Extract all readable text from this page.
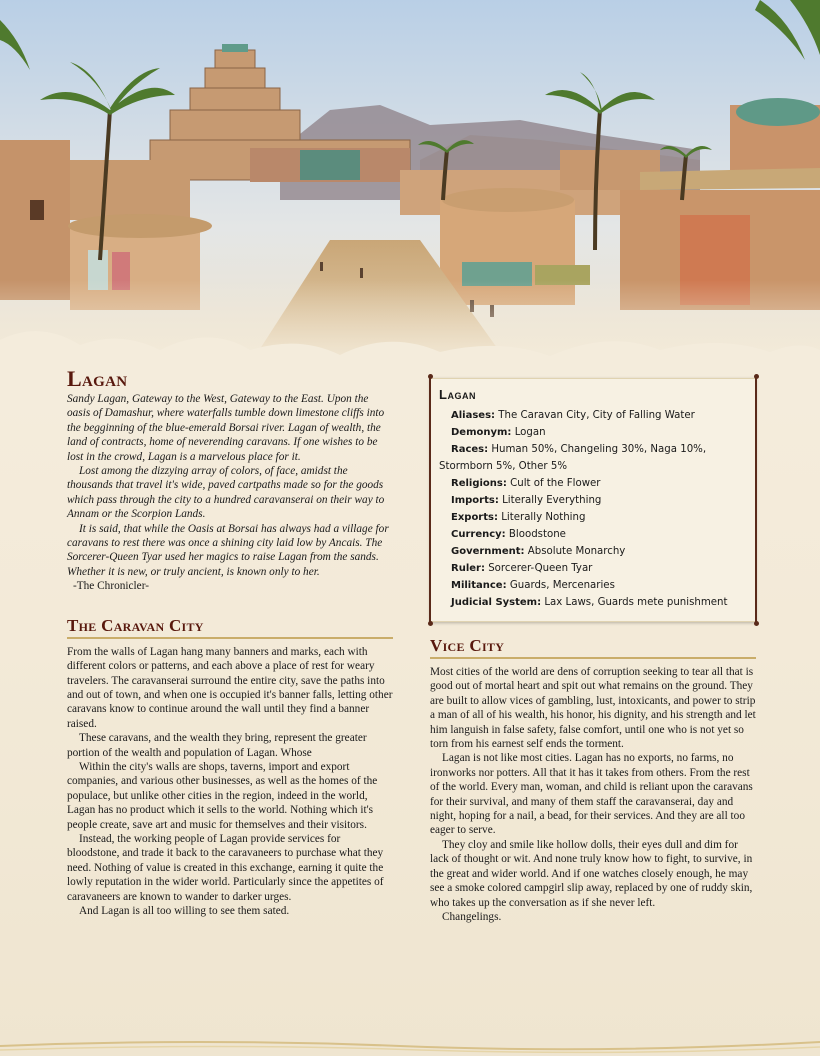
Lagan

Sandy Lagan, Gateway to the West, Gateway to the East. Upon the oasis of Damashur, where waterfalls tumble down limestone cliffs into the begginning of the blue-emerald Borsai river. Lagan of wealth, the land of contracts, home of neverending caravans. If one wishes to be lost in the crowd, Lagan is a marvelous place for it.

Lost among the dizzying array of colors, of face, amidst the thousands that travel it's wide, paved cartpaths made so for the goods which pass through the city to a hundred caravanserai on their way to Annam or the Scorpion Lands.

It is said, that while the Oasis at Borsai has always had a village for caravans to rest there was once a shining city laid low by Ancais. The Sorcerer-Queen Tyar used her magics to raise Lagan from the sands. Whether it is new, or truly ancient, is known only to her.

-The Chronicler-

The Caravan City

From the walls of Lagan hang many banners and marks, each with different colors or patterns, and each above a place of rest for weary travelers. The caravanserai surround the entire city, save the paths into and out of town, and when one is occupied it's banner falls, letting other caravans know to continue around the wall until they find a banner raised.

These caravans, and the wealth they bring, represent the greater portion of the wealth and population of Lagan. Whose

Within the city's walls are shops, taverns, import and export companies, and various other businesses, as well as the homes of the populace, but unlike other cities in the region, indeed in the world, Lagan has no product which it sells to the world. Nothing which it's people create, save art and music for themselves and their visitors.

Instead, the working people of Lagan provide services for bloodstone, and trade it back to the caravaneers to purchase what they need. Nothing of value is created in this exchange, earning it quite the lowly reputation in the wider world. Particularly since the appetites of caravaneers are known to wander to darker urges.

And Lagan is all too willing to see them sated.

Lagan
Aliases: The Caravan City, City of Falling Water
Demonym: Logan
Races: Human 50%, Changeling 30%, Naga 10%,
Stormborn 5%, Other 5%
Religions: Cult of the Flower
Imports: Literally Everything
Exports: Literally Nothing
Currency: Bloodstone
Government: Absolute Monarchy
Ruler: Sorcerer-Queen Tyar
Militance: Guards, Mercenaries
Judicial System: Lax Laws, Guards mete punishment
Vice City

Most cities of the world are dens of corruption seeking to tear all that is good out of mortal heart and spit out what remains on the ground. They are built to allow vices of gambling, lust, intoxicants, and power to strip a man of all of his wealth, his honor, his dignity, and his strength and let him languish in false safety, false comfort, until one who is not yet so torn from his earnest self ends the torment.

Lagan is not like most cities. Lagan has no exports, no farms, no ironworks nor potters. All that it has it takes from others. From the rest of the world. Every man, woman, and child is reliant upon the caravans for their survival, and many of them staff the caravanserai, day and night, hoping for a nail, a bead, for their services. And they are all too eager to serve.

They cloy and smile like hollow dolls, their eyes dull and dim for lack of thought or wit. And none truly know how to fight, to survive, in the great and wider world. And if one watches closely enough, he may see a smoke colored campgirl slip away, replaced by one of ruddy skin, who takes up the conversation as if she never left.

Changelings.
